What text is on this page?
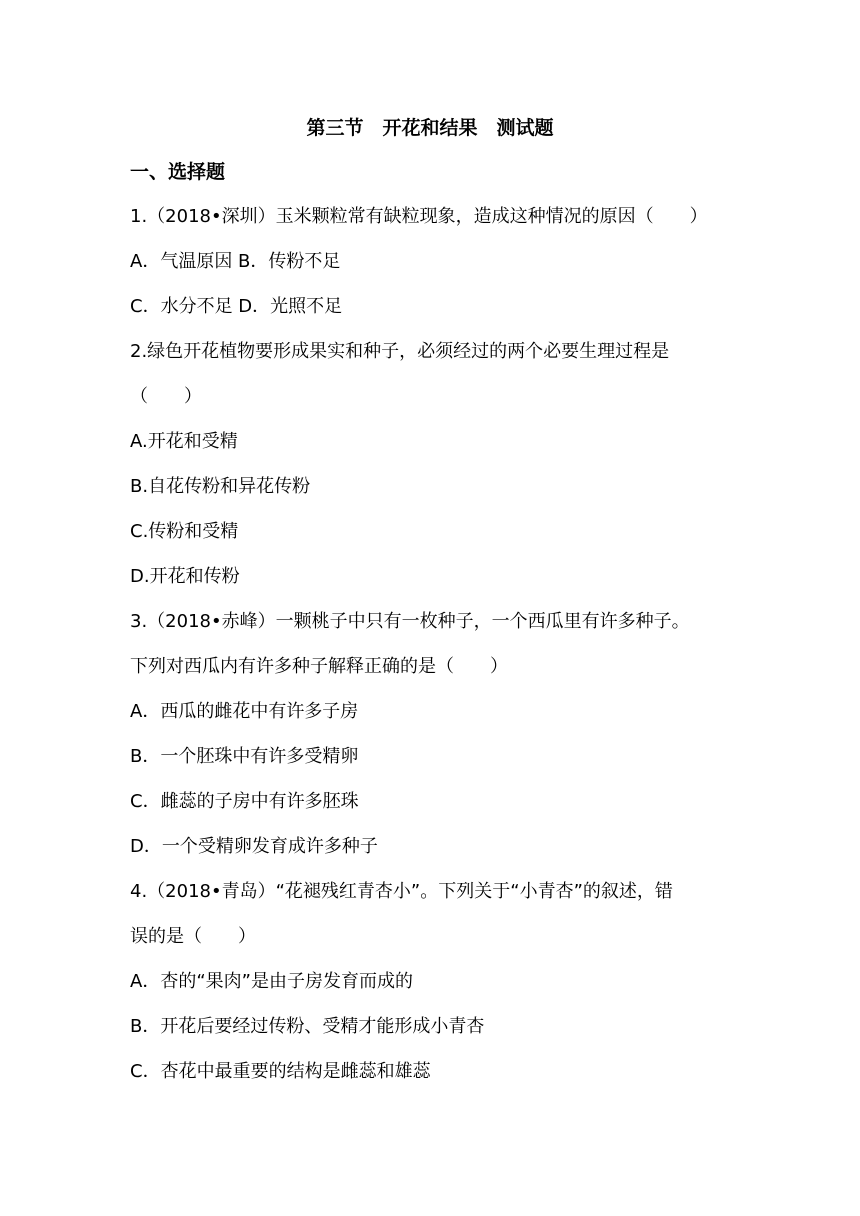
第三节　开花和结果　测试题
一、选择题
1.（2018•深圳）玉米颗粒常有缺粒现象，造成这种情况的原因（　　）
A．气温原因 B．传粉不足
C．水分不足 D．光照不足
2.绿色开花植物要形成果实和种子，必须经过的两个必要生理过程是
（　　）
A.开花和受精
B.自花传粉和异花传粉
C.传粉和受精
D.开花和传粉
3.（2018•赤峰）一颗桃子中只有一枚种子，一个西瓜里有许多种子。
下列对西瓜内有许多种子解释正确的是（　　）
A．西瓜的雌花中有许多子房
B．一个胚珠中有许多受精卵
C．雌蕊的子房中有许多胚珠
D．一个受精卵发育成许多种子
4.（2018•青岛）“花褪残红青杏小”。下列关于“小青杏”的叙述，错
误的是（　　）
A．杏的“果肉”是由子房发育而成的
B．开花后要经过传粉、受精才能形成小青杏
C．杏花中最重要的结构是雌蕊和雄蕊
